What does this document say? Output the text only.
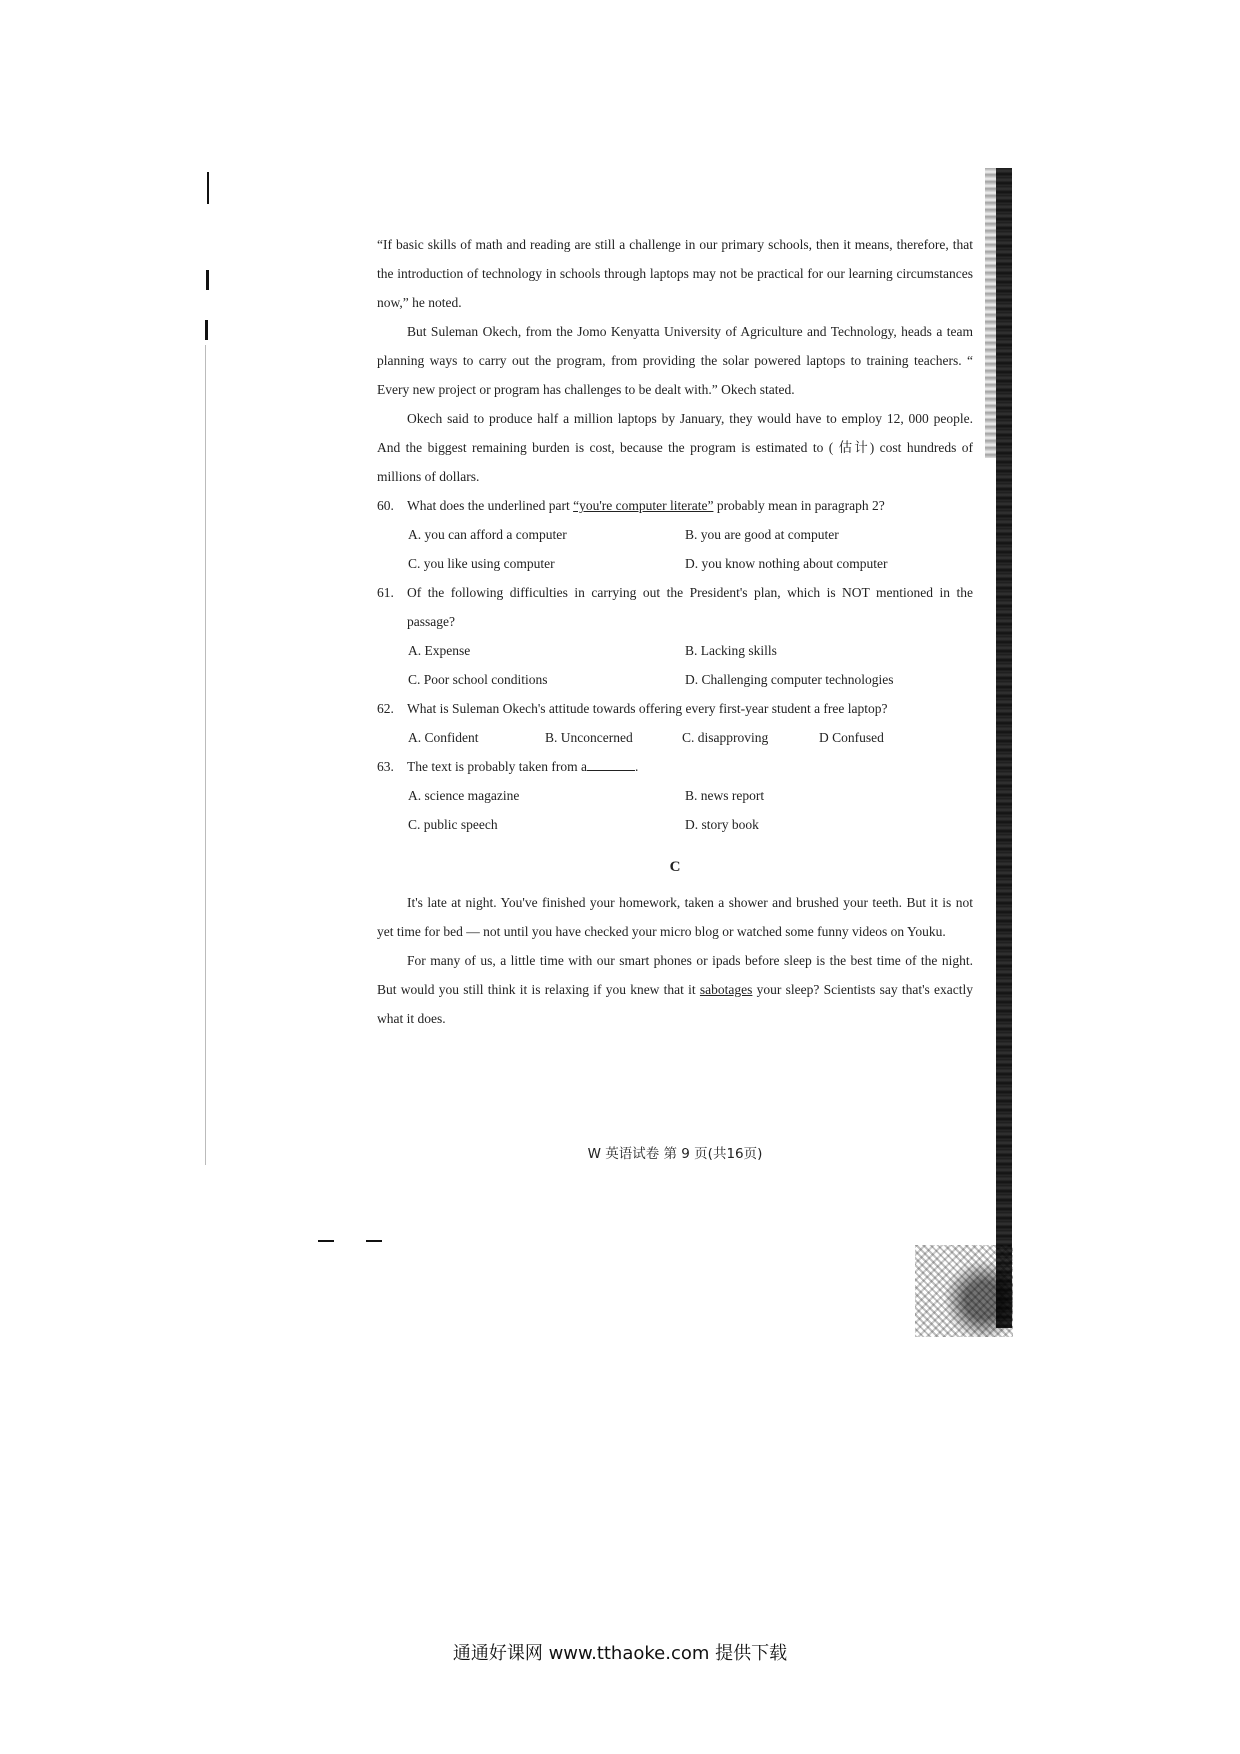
“If basic skills of math and reading are still a challenge in our primary schools, then it means, therefore, that the introduction of technology in schools through laptops may not be practical for our learning circumstances now,” he noted.

But Suleman Okech, from the Jomo Kenyatta University of Agriculture and Technology, heads a team planning ways to carry out the program, from providing the solar powered laptops to training teachers. “ Every new project or program has challenges to be dealt with.” Okech stated.

Okech said to produce half a million laptops by January, they would have to employ 12, 000 people. And the biggest remaining burden is cost, because the program is estimated to ( 估计) cost hundreds of millions of dollars.

60. What does the underlined part “you're computer literate” probably mean in paragraph 2?
A. you can afford a computer	B. you are good at computer
C. you like using computer	D. you know nothing about computer
61. Of the following difficulties in carrying out the President's plan, which is NOT mentioned in the passage?
A. Expense	B. Lacking skills
C. Poor school conditions	D. Challenging computer technologies
62. What is Suleman Okech's attitude towards offering every first-year student a free laptop?
A. Confident	B. Unconcerned	C. disapproving	D Confused
63. The text is probably taken from a	.
A. science magazine	B. news report
C. public speech	D. story book
C

It's late at night. You've finished your homework, taken a shower and brushed your teeth. But it is not yet time for bed — not until you have checked your micro blog or watched some funny videos on Youku.

For many of us, a little time with our smart phones or ipads before sleep is the best time of the night. But would you still think it is relaxing if you knew that it sabotages your sleep? Scientists say that's exactly what it does.

W 英语试卷 第 9 页(共16页)
通通好课网 www.tthaoke.com 提供下载
